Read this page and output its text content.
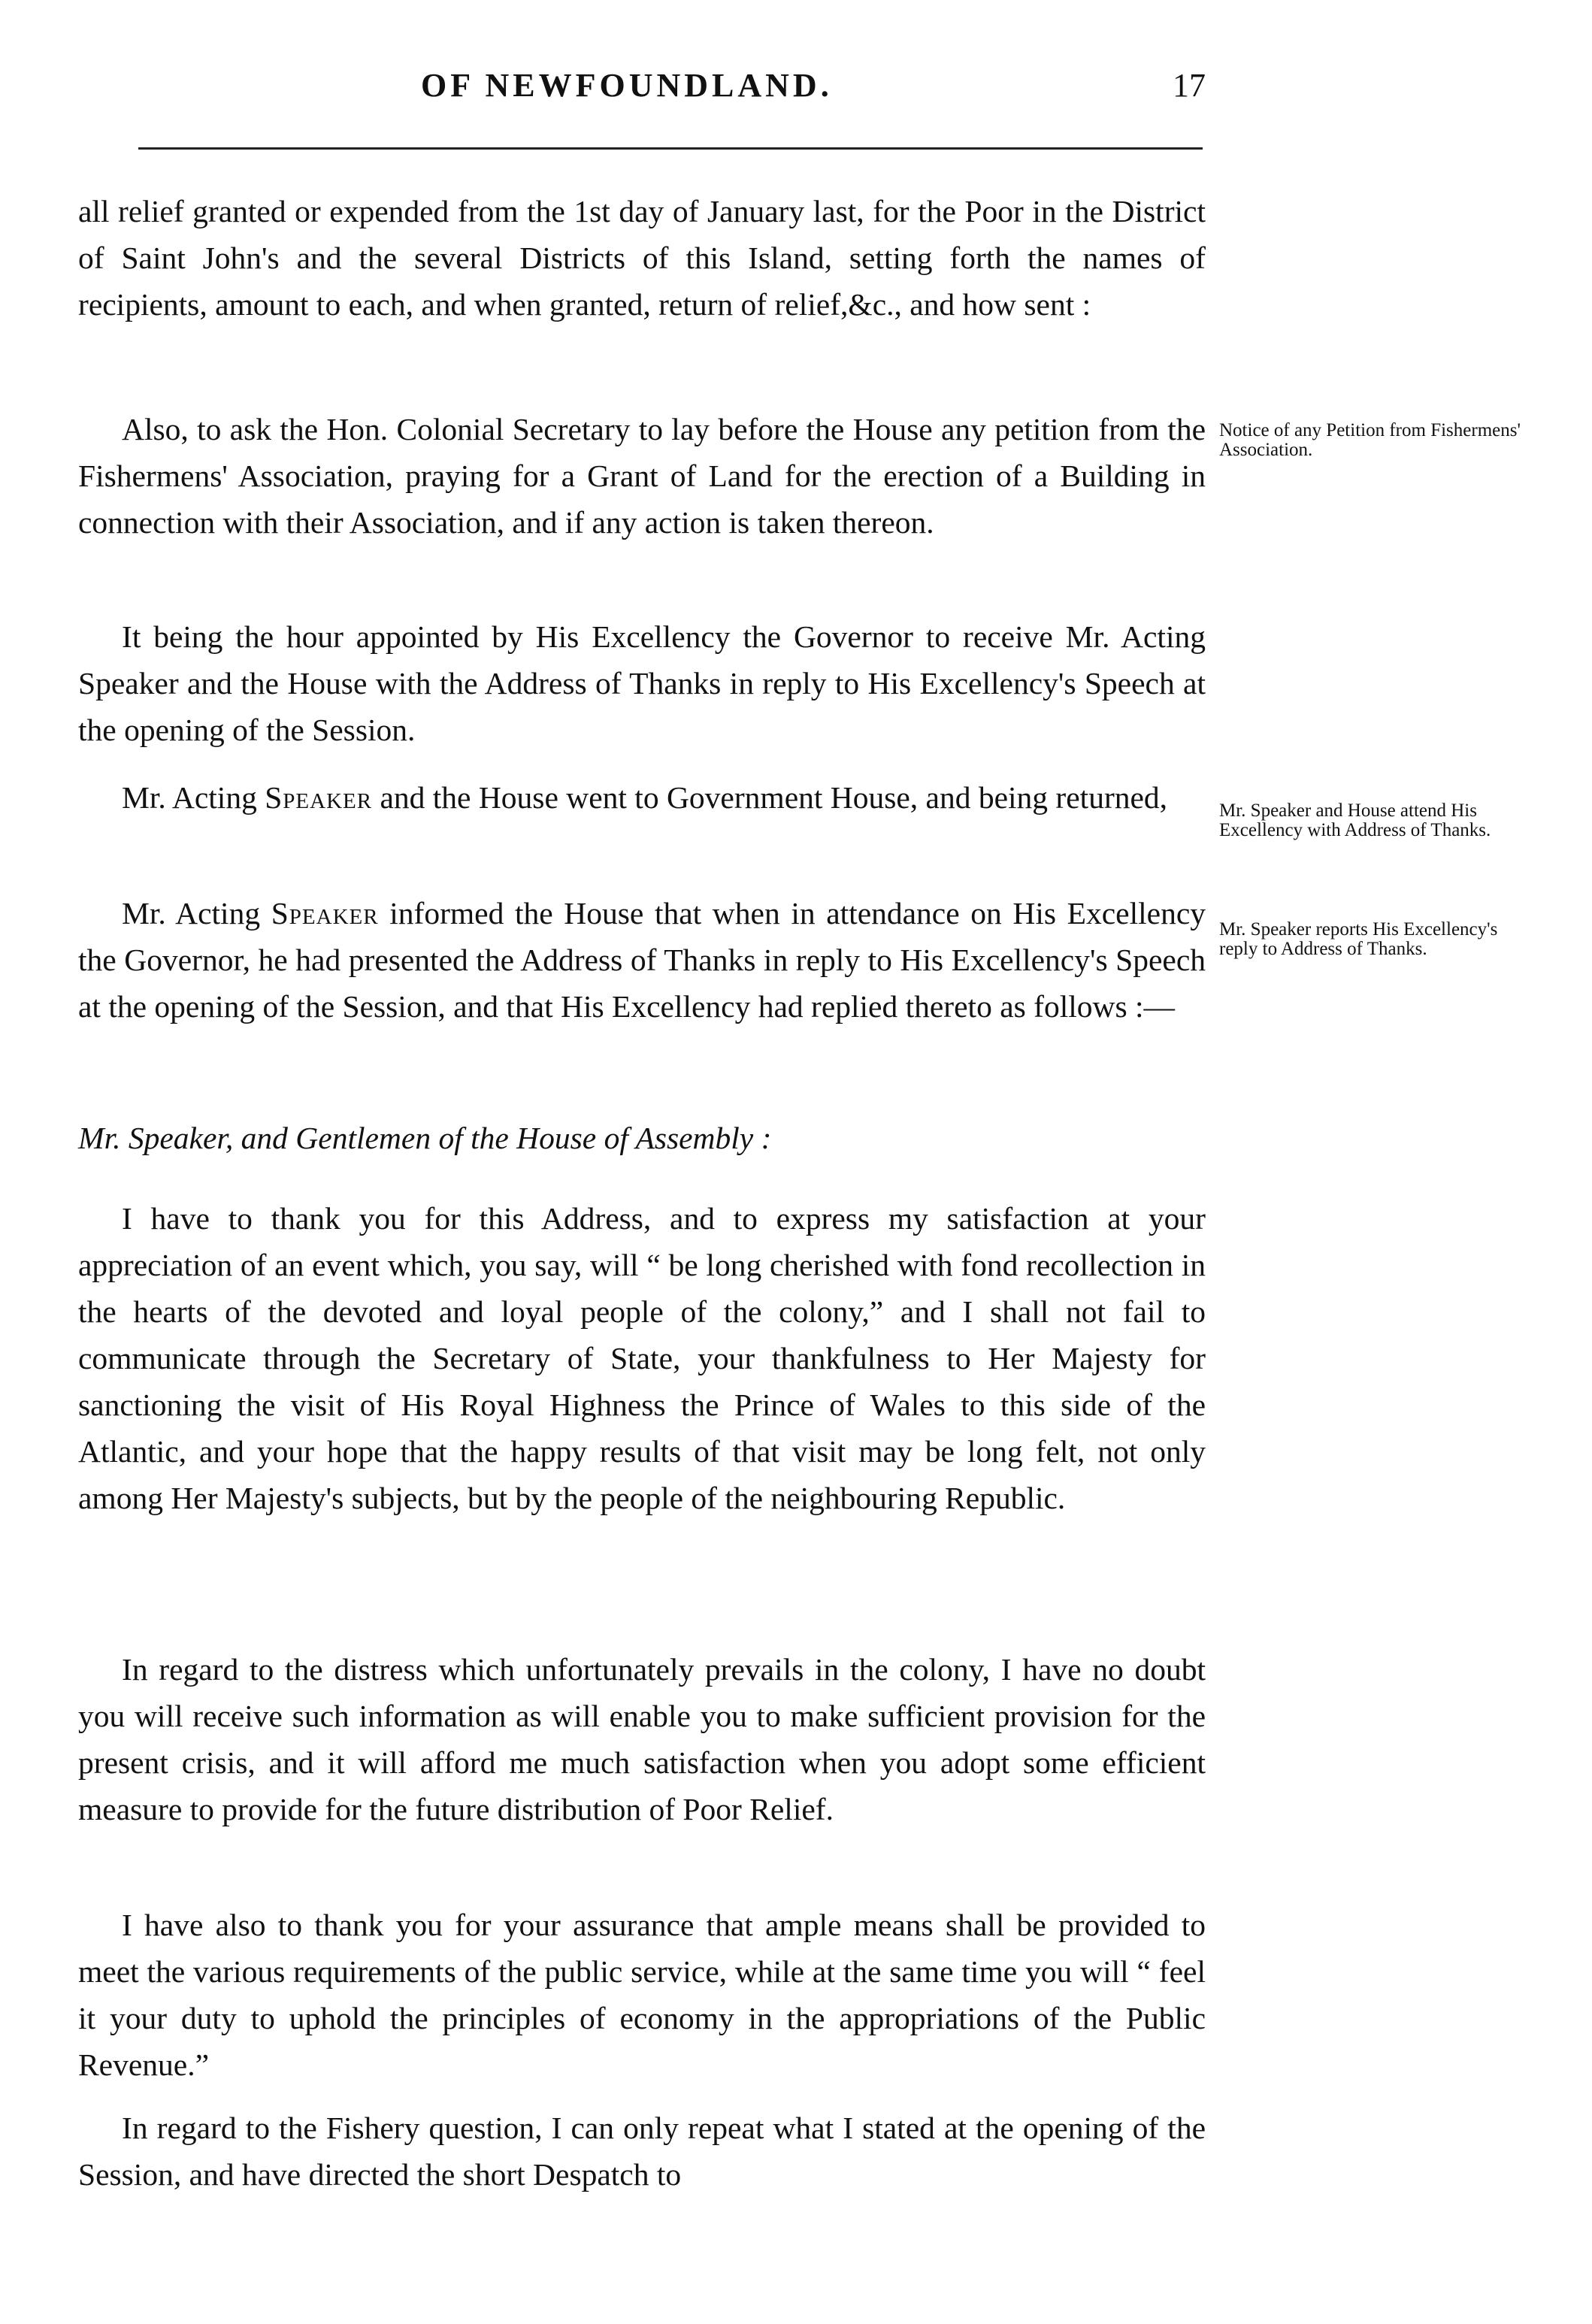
OF NEWFOUNDLAND.	17

all relief granted or expended from the 1st day of January last, for the Poor in the District of Saint John's and the several Districts of this Island, setting forth the names of recipients, amount to each, and when granted, return of relief,&c., and how sent :

Also, to ask the Hon. Colonial Secretary to lay before the House any petition from the Fishermens' Association, praying for a Grant of Land for the erection of a Building in connection with their Association, and if any action is taken thereon.

It being the hour appointed by His Excellency the Governor to receive Mr. Acting Speaker and the House with the Address of Thanks in reply to His Excellency's Speech at the opening of the Session.

Mr. Acting Speaker and the House went to Government House, and being returned,

Mr. Acting Speaker informed the House that when in attendance on His Excellency the Governor, he had presented the Address of Thanks in reply to His Excellency's Speech at the opening of the Session, and that His Excellency had replied thereto as follows :—

Mr. Speaker, and Gentlemen of the House of Assembly :

I have to thank you for this Address, and to express my satisfaction at your appreciation of an event which, you say, will “ be long cherished with fond recollection in the hearts of the devoted and loyal people of the colony,” and I shall not fail to communicate through the Secretary of State, your thankfulness to Her Majesty for sanctioning the visit of His Royal Highness the Prince of Wales to this side of the Atlantic, and your hope that the happy results of that visit may be long felt, not only among Her Majesty's subjects, but by the people of the neighbouring Republic.

In regard to the distress which unfortunately prevails in the colony, I have no doubt you will receive such information as will enable you to make sufficient provision for the present crisis, and it will afford me much satisfaction when you adopt some efficient measure to provide for the future distribution of Poor Relief.

I have also to thank you for your assurance that ample means shall be provided to meet the various requirements of the public service, while at the same time you will “ feel it your duty to uphold the principles of economy in the appropriations of the Public Revenue.”

In regard to the Fishery question, I can only repeat what I stated at the opening of the Session, and have directed the short Despatch to

Notice of any Petition from Fishermens' Association.
Mr. Speaker and House attend His Excellency with Address of Thanks.
Mr. Speaker reports His Excellency's reply to Address of Thanks.
